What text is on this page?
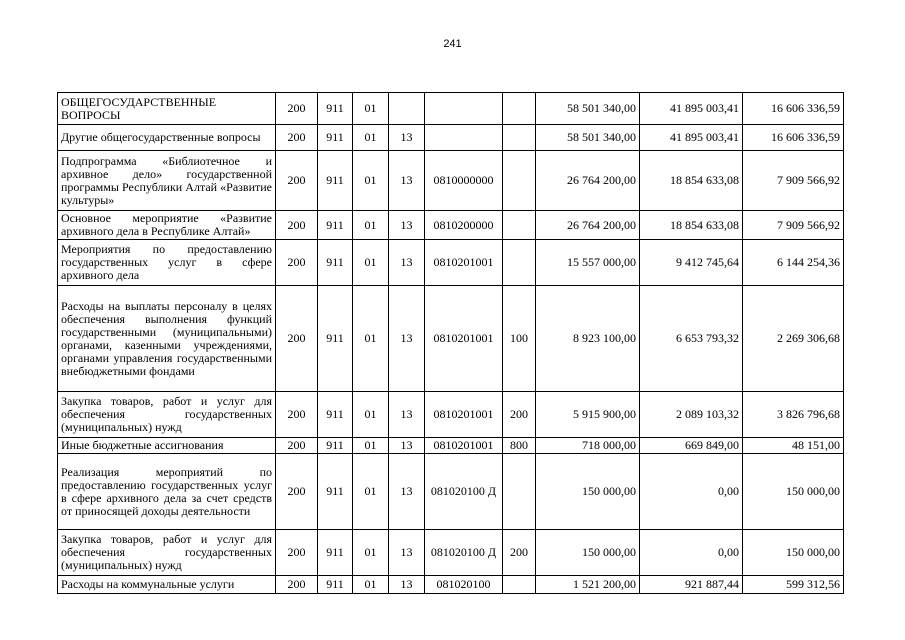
241
ОБЩЕГОСУДАРСТВЕННЫЕ ВОПРОСЫ	200	911	01				58 501 340,00	41 895 003,41	16 606 336,59
Другие общегосударственные вопросы	200	911	01	13			58 501 340,00	41 895 003,41	16 606 336,59
Подпрограмма «Библиотечное и архивное дело» государственной программы Республики Алтай «Развитие культуры»	200	911	01	13	0810000000		26 764 200,00	18 854 633,08	7 909 566,92
Основное мероприятие «Развитие архивного дела в Республике Алтай»	200	911	01	13	0810200000		26 764 200,00	18 854 633,08	7 909 566,92
Мероприятия по предоставлению государственных услуг в сфере архивного дела	200	911	01	13	0810201001		15 557 000,00	9 412 745,64	6 144 254,36
Расходы на выплаты персоналу в целях обеспечения выполнения функций государственными (муниципальными) органами, казенными учреждениями, органами управления государственными внебюджетными фондами	200	911	01	13	0810201001	100	8 923 100,00	6 653 793,32	2 269 306,68
Закупка товаров, работ и услуг для обеспечения государственных (муниципальных) нужд	200	911	01	13	0810201001	200	5 915 900,00	2 089 103,32	3 826 796,68
Иные бюджетные ассигнования	200	911	01	13	0810201001	800	718 000,00	669 849,00	48 151,00
Реализация мероприятий по предоставлению государственных услуг в сфере архивного дела за счет средств от приносящей доходы деятельности	200	911	01	13	081020100 Д		150 000,00	0,00	150 000,00
Закупка товаров, работ и услуг для обеспечения государственных (муниципальных) нужд	200	911	01	13	081020100 Д	200	150 000,00	0,00	150 000,00
Расходы на коммунальные услуги	200	911	01	13	081020100		1 521 200,00	921 887,44	599 312,56
